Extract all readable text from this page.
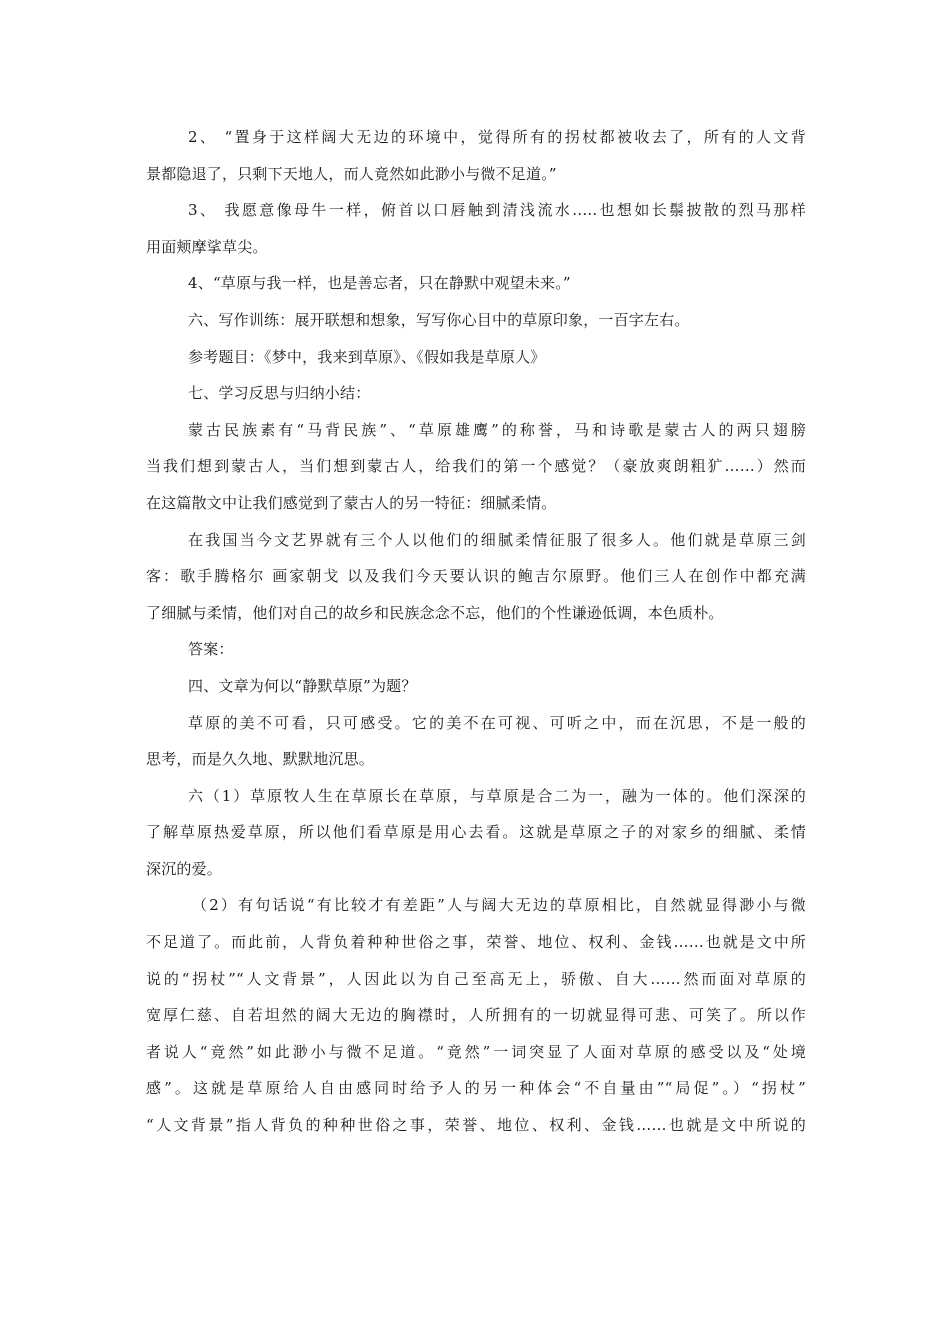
2、 “置身于这样阔大无边的环境中，觉得所有的拐杖都被收去了，所有的人文背
景都隐退了，只剩下天地人，而人竟然如此渺小与微不足道。”
3、 我愿意像母牛一样，俯首以口唇触到清浅流水…..也想如长鬃披散的烈马那样
用面颊摩挲草尖。
4、“草原与我一样，也是善忘者，只在静默中观望未来。”
六、写作训练：展开联想和想象，写写你心目中的草原印象，一百字左右。
参考题目：《梦中，我来到草原》、《假如我是草原人》
七、学习反思与归纳小结：
蒙古民族素有“马背民族”、“草原雄鹰”的称誉，马和诗歌是蒙古人的两只翅膀
当我们想到蒙古人，当们想到蒙古人，给我们的第一个感觉？（豪放爽朗粗犷……）然而
在这篇散文中让我们感觉到了蒙古人的另一特征：细腻柔情。
在我国当今文艺界就有三个人以他们的细腻柔情征服了很多人。他们就是草原三剑
客：歌手腾格尔 画家朝戈 以及我们今天要认识的鲍吉尔原野。他们三人在创作中都充满
了细腻与柔情，他们对自己的故乡和民族念念不忘，他们的个性谦逊低调，本色质朴。
答案：
四、文章为何以“静默草原”为题？
草原的美不可看，只可感受。它的美不在可视、可听之中，而在沉思，不是一般的
思考，而是久久地、默默地沉思。
六（1）草原牧人生在草原长在草原，与草原是合二为一，融为一体的。他们深深的
了解草原热爱草原，所以他们看草原是用心去看。这就是草原之子的对家乡的细腻、柔情
深沉的爱。
（2）有句话说“有比较才有差距”人与阔大无边的草原相比，自然就显得渺小与微
不足道了。而此前，人背负着种种世俗之事，荣誉、地位、权利、金钱……也就是文中所
说的“拐杖”“人文背景”，人因此以为自己至高无上，骄傲、自大……然而面对草原的
宽厚仁慈、自若坦然的阔大无边的胸襟时，人所拥有的一切就显得可悲、可笑了。所以作
者说人“竟然”如此渺小与微不足道。“竟然”一词突显了人面对草原的感受以及“处境
感”。这就是草原给人自由感同时给予人的另一种体会“不自量由”“局促”。）“拐杖”
“人文背景”指人背负的种种世俗之事，荣誉、地位、权利、金钱……也就是文中所说的
